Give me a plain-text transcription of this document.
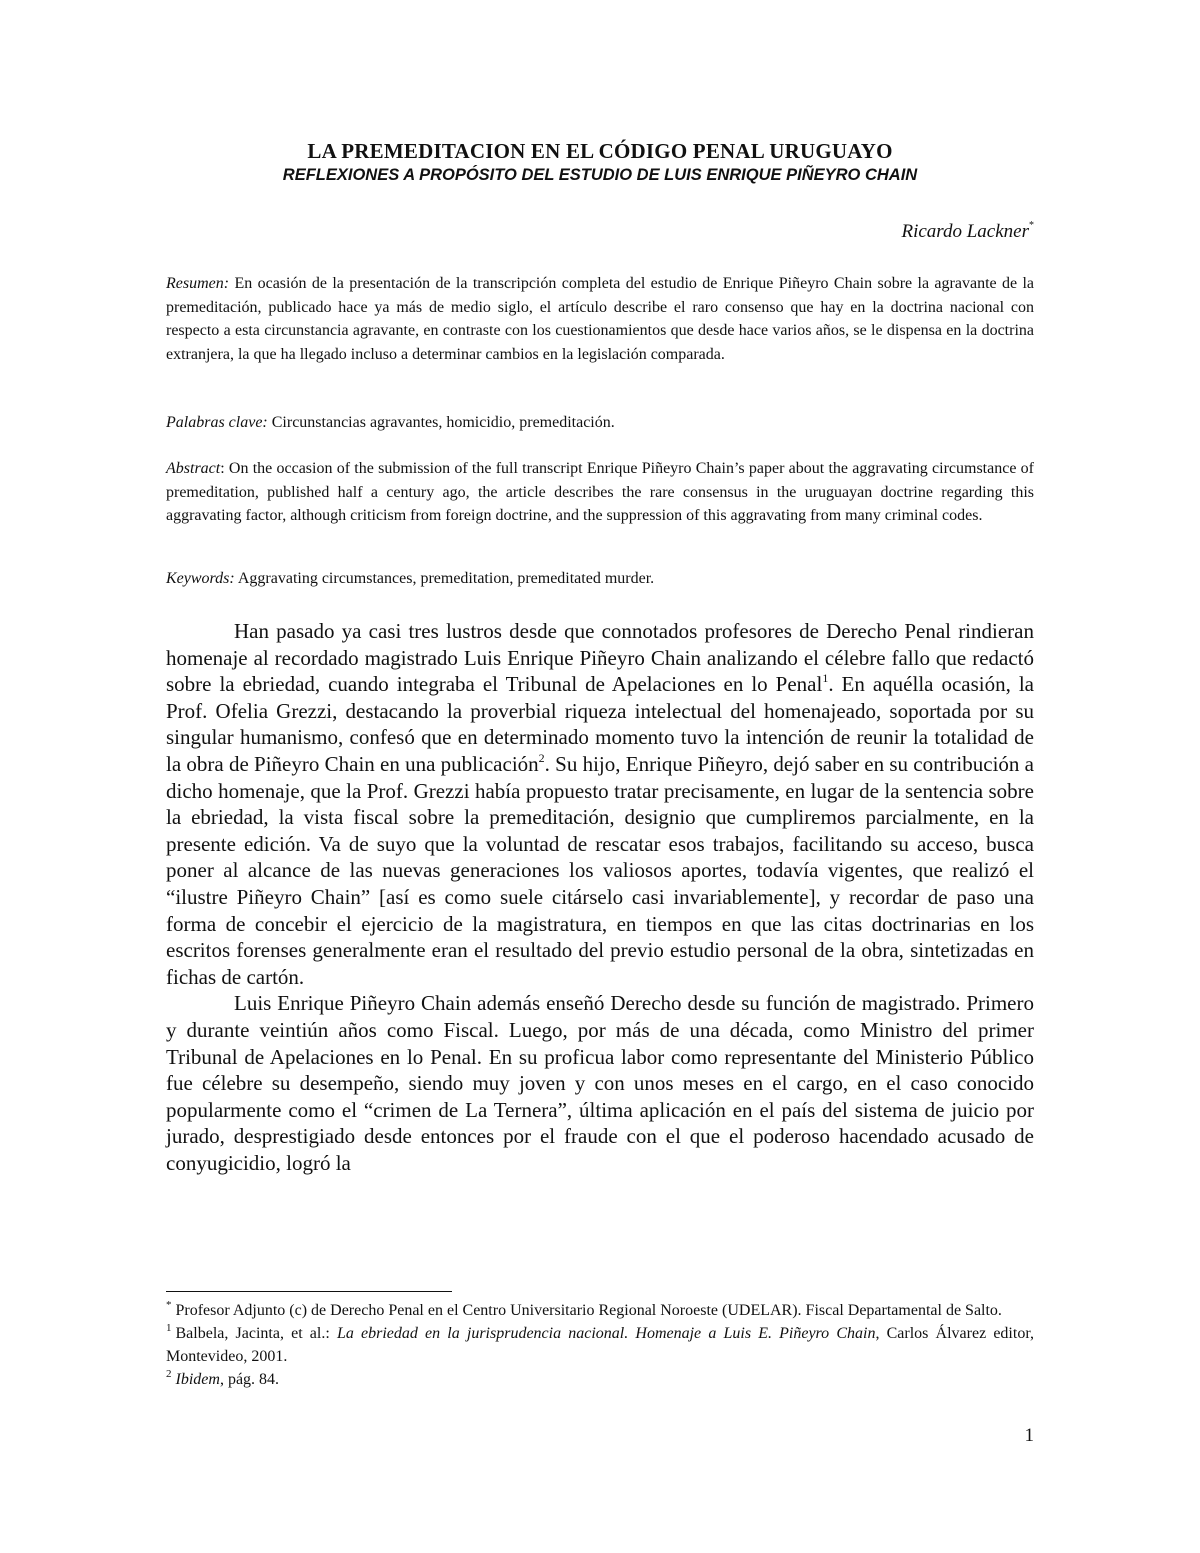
LA PREMEDITACION EN EL CÓDIGO PENAL URUGUAYO
REFLEXIONES A PROPÓSITO DEL ESTUDIO DE LUIS ENRIQUE PIÑEYRO CHAIN
Ricardo Lackner*
Resumen: En ocasión de la presentación de la transcripción completa del estudio de Enrique Piñeyro Chain sobre la agravante de la premeditación, publicado hace ya más de medio siglo, el artículo describe el raro consenso que hay en la doctrina nacional con respecto a esta circunstancia agravante, en contraste con los cuestionamientos que desde hace varios años, se le dispensa en la doctrina extranjera, la que ha llegado incluso a determinar cambios en la legislación comparada.
Palabras clave: Circunstancias agravantes, homicidio, premeditación.
Abstract: On the occasion of the submission of the full transcript Enrique Piñeyro Chain’s paper about the aggravating circumstance of premeditation, published half a century ago, the article describes the rare consensus in the uruguayan doctrine regarding this aggravating factor, although criticism from foreign doctrine, and the suppression of this aggravating from many criminal codes.
Keywords: Aggravating circumstances, premeditation, premeditated murder.

Han pasado ya casi tres lustros desde que connotados profesores de Derecho Penal rindieran homenaje al recordado magistrado Luis Enrique Piñeyro Chain analizando el célebre fallo que redactó sobre la ebriedad, cuando integraba el Tribunal de Apelaciones en lo Penal$^1$. En aquélla ocasión, la Prof. Ofelia Grezzi, destacando la proverbial riqueza intelectual del homenajeado, soportada por su singular humanismo, confesó que en determinado momento tuvo la intención de reunir la totalidad de la obra de Piñeyro Chain en una publicación$^2$. Su hijo, Enrique Piñeyro, dejó saber en su contribución a dicho homenaje, que la Prof. Grezzi había propuesto tratar precisamente, en lugar de la sentencia sobre la ebriedad, la vista fiscal sobre la premeditación, designio que cumpliremos parcialmente, en la presente edición. Va de suyo que la voluntad de rescatar esos trabajos, facilitando su acceso, busca poner al alcance de las nuevas generaciones los valiosos aportes, todavía vigentes, que realizó el “ilustre Piñeyro Chain” [así es como suele citárselo casi invariablemente], y recordar de paso una forma de concebir el ejercicio de la magistratura, en tiempos en que las citas doctrinarias en los escritos forenses generalmente eran el resultado del previo estudio personal de la obra, sintetizadas en fichas de cartón.

Luis Enrique Piñeyro Chain además enseñó Derecho desde su función de magistrado. Primero y durante veintiún años como Fiscal. Luego, por más de una década, como Ministro del primer Tribunal de Apelaciones en lo Penal. En su proficua labor como representante del Ministerio Público fue célebre su desempeño, siendo muy joven y con unos meses en el cargo, en el caso conocido popularmente como el “crimen de La Ternera”, última aplicación en el país del sistema de juicio por jurado, desprestigiado desde entonces por el fraude con el que el poderoso hacendado acusado de conyugicidio, logró la

* Profesor Adjunto (c) de Derecho Penal en el Centro Universitario Regional Noroeste (UDELAR). Fiscal Departamental de Salto.

$^1$ Balbela, Jacinta, et al.: La ebriedad en la jurisprudencia nacional. Homenaje a Luis E. Piñeyro Chain, Carlos Álvarez editor, Montevideo, 2001.

$^2$ Ibidem, pág. 84.

1
